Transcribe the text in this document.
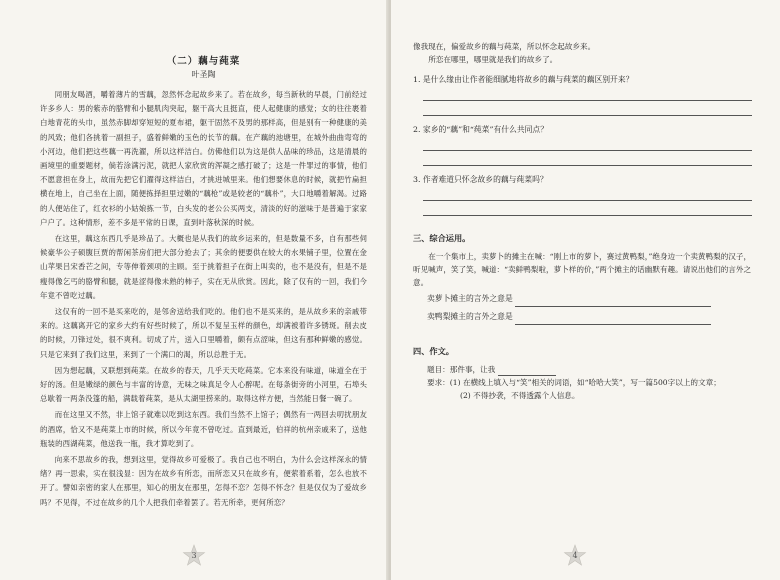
（二）藕与莼菜
叶圣陶

同朋友喝酒，嚼着薄片的雪藕，忽然怀念起故乡来了。若在故乡，每当新秋的早晨，门前经过许多乡人：男的紫赤的胳臂和小腿肌肉突起，躯干高大且挺直，使人起健康的感觉；女的往往裹着白地青花的头巾，虽然赤脚却穿短短的夏布裙，躯干固然不及男的那样高，但是别有一种健康的美的风致；他们各挑着一副担子，盛着鲜嫩的玉色的长节的藕。在产藕的池塘里，在城外曲曲弯弯的小河边，他们把这些藕一再洗濯，所以这样洁白。仿佛他们以为这是供人品味的珍品，这是清晨的画境里的重要题材，倘若涂满污泥，就把人家欣赏的浑凝之感打破了；这是一件罪过的事情，他们不愿意担在身上，故而先把它们濯得这样洁白，才挑进城里来。他们想要休息的时候，就把竹扁担横在地上，自己坐在上面，随便拣择担里过嫩的“藕枪”或是较老的“藕朴”，大口地嚼着解渴。过路的人便站住了，红衣衫的小姑娘拣一节，白头发的老公公买两支，清淡的好的滋味于是普遍于家家户户了。这种情形，差不多是平常的日课，直到叶落秋深的时候。

在这里，藕这东西几乎是珍品了。大概也是从我们的故乡运来的，但是数量不多，自有那些伺候豪华公子硕腹巨贾的帮闲茶房们把大部分抢去了；其余的便要供在较大的水果铺子里，位置在金山苹果吕宋香芒之间，专等伸着颈项的主顾。至于挑着担子在街上叫卖的，也不是没有，但是不是瘦得像乞丐的胳臂和腿，就是涩得像未熟的柿子，实在无从欣赏。因此，除了仅有的一回，我们今年竟不曾吃过藕。

这仅有的一回不是买来吃的，是邻舍送给我们吃的。他们也不是买来的，是从故乡来的亲戚带来的。这藕离开它的家乡大约有好些时候了，所以不复呈玉样的颜色，却满被着许多锈斑。削去皮的时候，刀锋过处，很不爽利。切成了片，送入口里嚼着，颇有点涩味，但这有那种鲜嫩的感觉。只是它来到了我们这里，来到了一个满口的渴，所以总胜于无。

因为想起藕，又联想到莼菜。在故乡的春天，几乎天天吃莼菜。它本来没有味道，味道全在于好的汤。但是嫩绿的颜色与丰富的诗意，无味之味真足令人心醉呢。在每条街旁的小河里，石埠头总歇着一两条没篷的船，满载着莼菜，是从太湖里捞来的。取得这样方便，当然能日餐一碗了。

而在这里又不然，非上馆子就难以吃到这东西。我们当然不上馆子；偶然有一两回去叨扰朋友的酒席，恰又不是莼菜上市的时候，所以今年竟不曾吃过。直到最近，伯祥的杭州亲戚来了，送他瓶装的西湖莼菜，他送我一瓶，我才算吃到了。

向来不思故乡的我，想到这里，觉得故乡可爱极了。我自己也不明白，为什么会这样深永的情绪？再一思索，实在很浅显：因为在故乡有所恋，而所恋又只在故乡有，便萦着系着，怎么也放不开了。譬如亲密的家人在那里，知心的朋友在那里，怎得不恋？怎得不怀念？但是仅仅为了爱故乡吗？不见得，不过在故乡的几个人把我们牵着罢了。若无所牵，更何所恋？

3

像我现在，偏爱故乡的藕与莼菜，所以怀念起故乡来。

所恋在哪里，哪里就是我们的故乡了。

1. 是什么缘由让作者能细腻地将故乡的藕与莼菜的藕区别开来？

2. 家乡的“藕”和“莼菜”有什么共同点？

3. 作者难道只怀念故乡的藕与莼菜吗？

三、综合运用。

在一个集市上，卖萝卜的摊主在喊：“刚上市的萝卜，赛过黄鸭梨，”绝身边一个卖黄鸭梨的汉子，听见喊声，笑了笑，喊道：“卖鲜鸭梨啦，萝卜样的价，”两个摊主的话幽默有趣。请说出他们的言外之意。

卖萝卜摊主的言外之意是
卖鸭梨摊主的言外之意是
四、作文。
题目：那件事，让我
要求：(1) 在横线上填入与“笑”相关的词语，如“哈哈大笑”，写一篇500字以上的文章；
(2) 不得抄袭，不得透露个人信息。
4
